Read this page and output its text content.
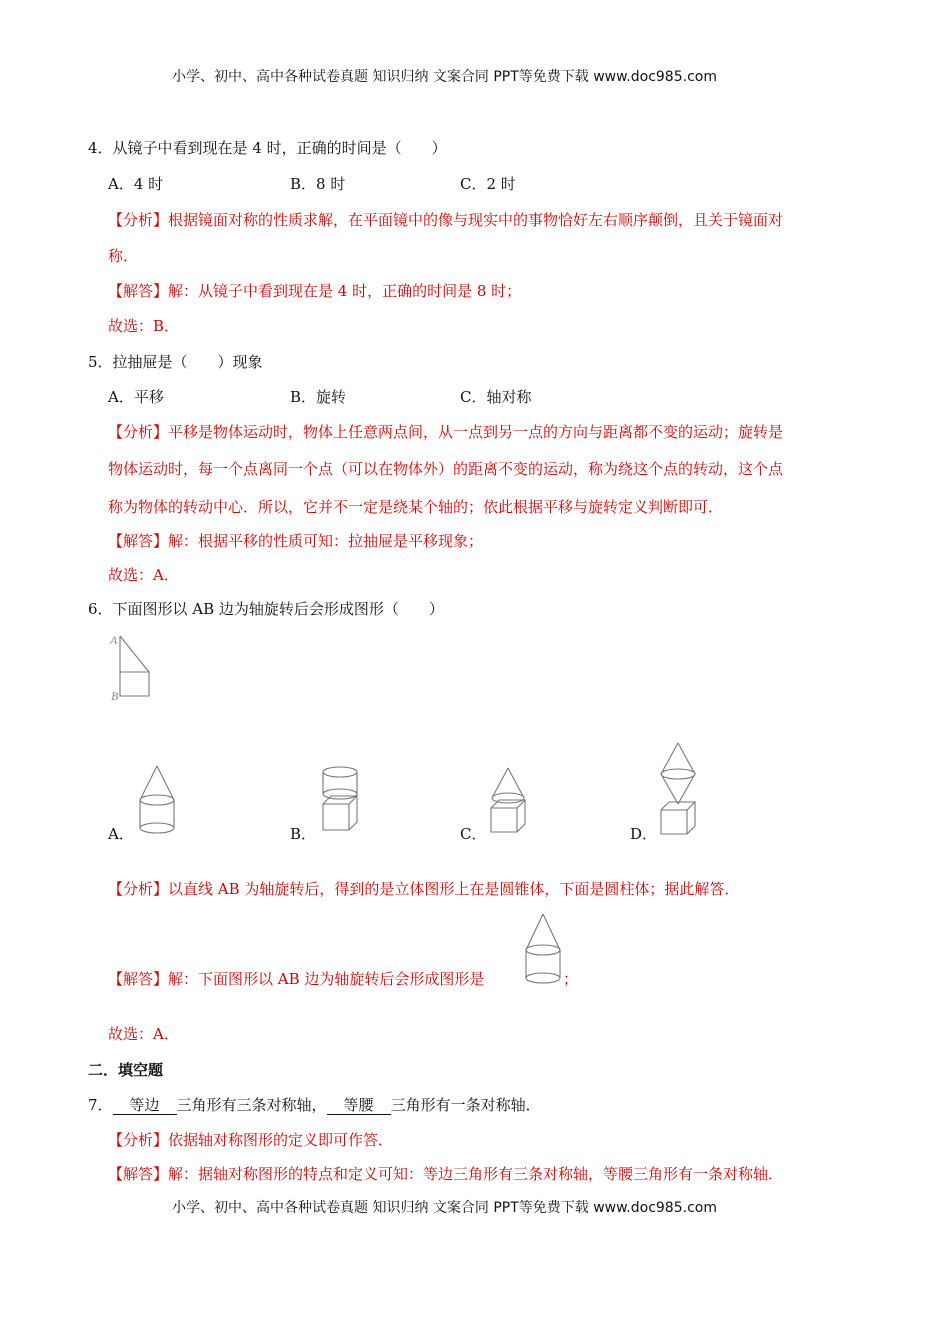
小学、初中、高中各种试卷真题 知识归纳 文案合同 PPT等免费下载 www.doc985.com
4．从镜子中看到现在是 4 时，正确的时间是（　　）
A．4 时	B．8 时	C．2 时
【分析】根据镜面对称的性质求解，在平面镜中的像与现实中的事物恰好左右顺序颠倒，且关于镜面对
称．
【解答】解：从镜子中看到现在是 4 时，正确的时间是 8 时；
故选：B．
5．拉抽屉是（　　）现象
A．平移	B．旋转	C．轴对称
【分析】平移是物体运动时，物体上任意两点间，从一点到另一点的方向与距离都不变的运动；旋转是
物体运动时，每一个点离同一个点（可以在物体外）的距离不变的运动，称为绕这个点的转动，这个点
称为物体的转动中心．所以，它并不一定是绕某个轴的；依此根据平移与旋转定义判断即可．
【解答】解：根据平移的性质可知：拉抽屉是平移现象；
故选：A．
6．下面图形以 AB 边为轴旋转后会形成图形（　　）
A
B
A．	B．	C．	D．
【分析】以直线 AB 为轴旋转后，得到的是立体图形上在是圆锥体，下面是圆柱体；据此解答．
【解答】解：下面图形以 AB 边为轴旋转后会形成图形是	；
故选：A．
二．填空题
7． 等边 三角形有三条对称轴， 等腰 三角形有一条对称轴．
【分析】依据轴对称图形的定义即可作答．
【解答】解：据轴对称图形的特点和定义可知：等边三角形有三条对称轴，等腰三角形有一条对称轴．
小学、初中、高中各种试卷真题 知识归纳 文案合同 PPT等免费下载 www.doc985.com
